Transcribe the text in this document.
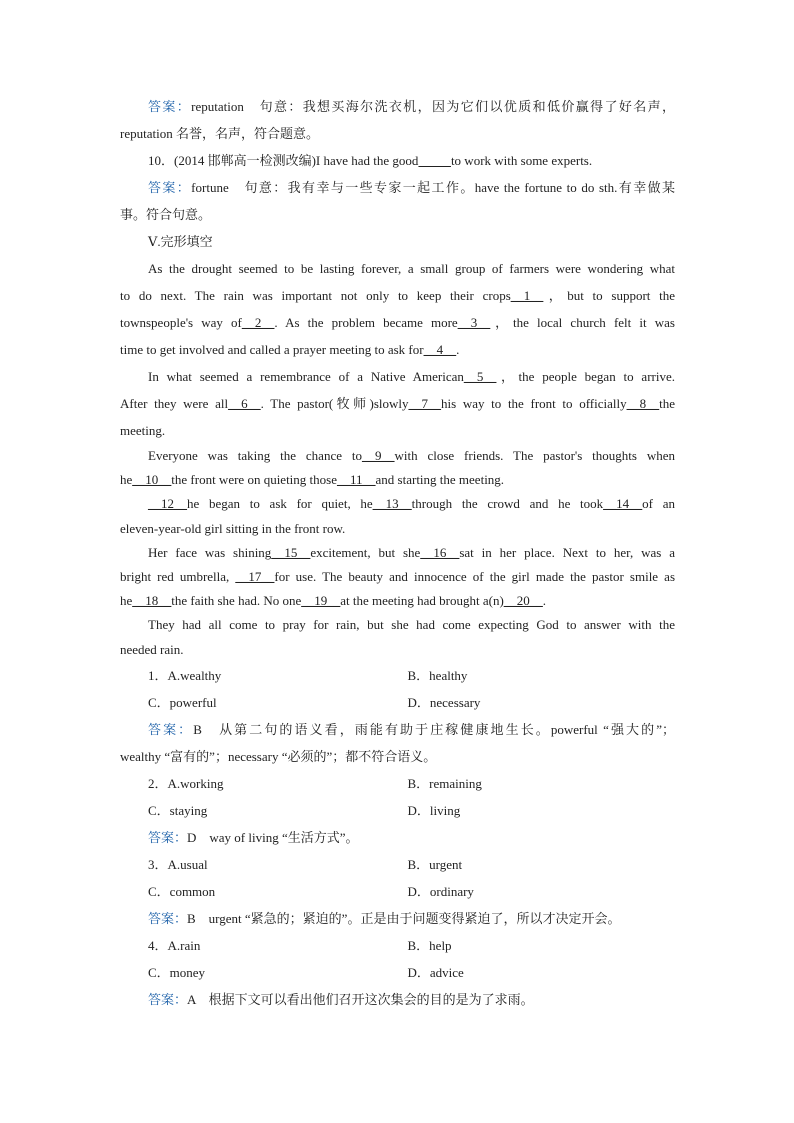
答案：reputation　句意：我想买海尔洗衣机，因为它们以优质和低价赢得了好名声，
reputation 名誉，名声，符合题意。
10．(2014 邯郸高一检测改编)I have had the good	to work with some experts.
答案：fortune　句意：我有幸与一些专家一起工作。have the fortune to do sth.有幸做某
事。符合句意。
Ⅴ.完形填空
As the drought seemed to be lasting forever, a small group of farmers were wondering what
to do next. The rain was important not only to keep their crops__1__，but to support the
townspeople's way of__2__. As the problem became more__3__，the local church felt it was
time to get involved and called a prayer meeting to ask for__4__.
In what seemed a remembrance of a Native American__5__，the people began to arrive.
After they were all__6__. The pastor(牧师)slowly__7__his way to the front to officially__8__the
meeting.
Everyone was taking the chance to__9__with close friends. The pastor's thoughts when
he__10__the front were on quieting those__11__and starting the meeting.
__12__he began to ask for quiet, he__13__through the crowd and he took__14__of an
eleven-year-old girl sitting in the front row.
Her face was shining__15__excitement, but she__16__sat in her place. Next to her, was a
bright red umbrella, __17__for use. The beauty and innocence of the girl made the pastor smile as
he__18__the faith she had. No one__19__at the meeting had brought a(n)__20__.
They had all come to pray for rain, but she had come expecting God to answer with the
needed rain.
1．A.wealthy	B．healthy
C．powerful	D．necessary
答案：B　从第二句的语义看，雨能有助于庄稼健康地生长。powerful “强大的”；
wealthy “富有的”；necessary “必须的”；都不符合语义。
2．A.working	B．remaining
C．staying	D．living
答案：D　way of living “生活方式”。
3．A.usual	B．urgent
C．common	D．ordinary
答案：B　urgent “紧急的；紧迫的”。正是由于问题变得紧迫了，所以才决定开会。
4．A.rain	B．help
C．money	D．advice
答案：A　根据下文可以看出他们召开这次集会的目的是为了求雨。
